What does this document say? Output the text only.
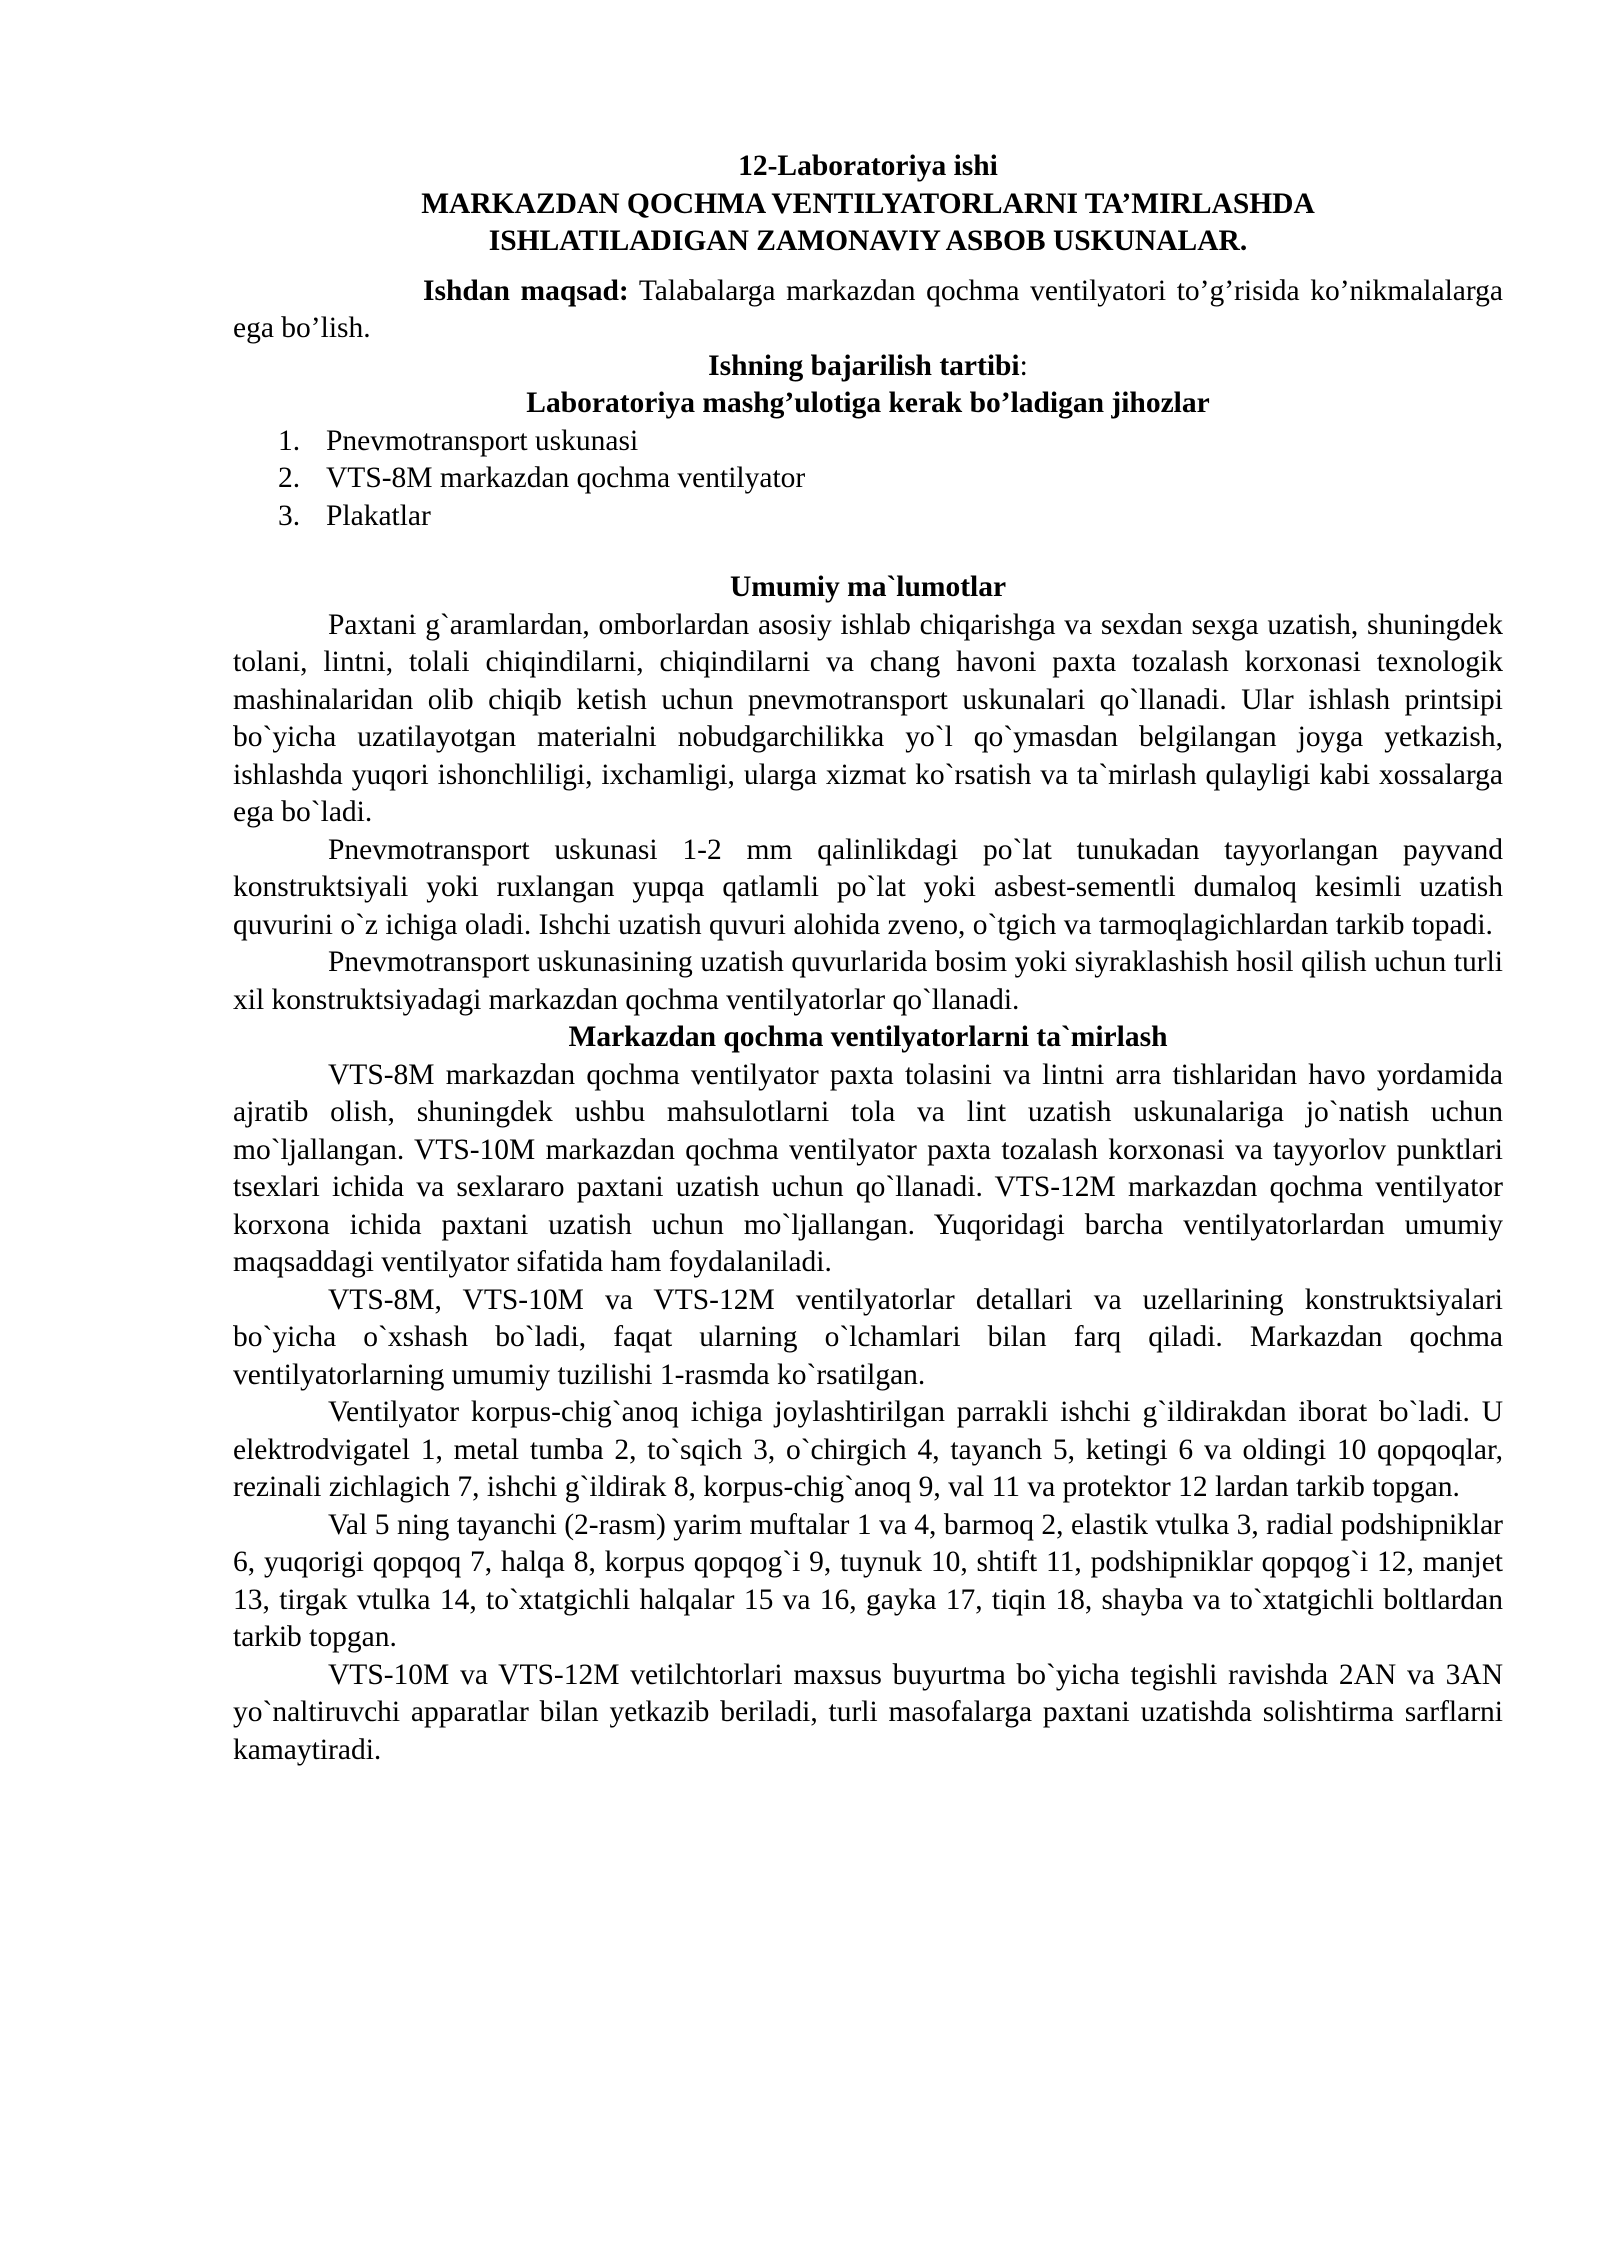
12-Laboratoriya ishi
MARKAZDAN QOCHMA VENTILYATORLARNI TA’MIRLASHDA
ISHLATILADIGAN ZAMONAVIY ASBOB USKUNALAR.

Ishdan maqsad: Talabalarga markazdan qochma ventilyatori to’g’risida ko’nikmalalarga ega bo’lish.

Ishning bajarilish tartibi:
Laboratoriya mashg’ulotiga kerak bo’ladigan jihozlar
1. Pnevmotransport uskunasi
2. VTS-8M markazdan qochma ventilyator
3. Plakatlar
Umumiy ma`lumotlar

Paxtani g`aramlardan, omborlardan asosiy ishlab chiqarishga va sexdan sexga uzatish, shuningdek tolani, lintni, tolali chiqindilarni, chiqindilarni va chang havoni paxta tozalash korxonasi texnologik mashinalaridan olib chiqib ketish uchun pnevmotransport uskunalari qo`llanadi. Ular ishlash printsipi bo`yicha uzatilayotgan materialni nobudgarchilikka yo`l qo`ymasdan belgilangan joyga yetkazish, ishlashda yuqori ishonchliligi, ixchamligi, ularga xizmat ko`rsatish va ta`mirlash qulayligi kabi xossalarga ega bo`ladi.

Pnevmotransport uskunasi 1-2 mm qalinlikdagi po`lat tunukadan tayyorlangan payvand konstruktsiyali yoki ruxlangan yupqa qatlamli po`lat yoki asbest-sementli dumaloq kesimli uzatish quvurini o`z ichiga oladi. Ishchi uzatish quvuri alohida zveno, o`tgich va tarmoqlagichlardan tarkib topadi.

Pnevmotransport uskunasining uzatish quvurlarida bosim yoki siyraklashish hosil qilish uchun turli xil konstruktsiyadagi markazdan qochma ventilyatorlar qo`llanadi.

Markazdan qochma ventilyatorlarni ta`mirlash

VTS-8M markazdan qochma ventilyator paxta tolasini va lintni arra tishlaridan havo yordamida ajratib olish, shuningdek ushbu mahsulotlarni tola va lint uzatish uskunalariga jo`natish uchun mo`ljallangan. VTS-10M markazdan qochma ventilyator paxta tozalash korxonasi va tayyorlov punktlari tsexlari ichida va sexlararo paxtani uzatish uchun qo`llanadi. VTS-12M markazdan qochma ventilyator korxona ichida paxtani uzatish uchun mo`ljallangan. Yuqoridagi barcha ventilyatorlardan umumiy maqsaddagi ventilyator sifatida ham foydalaniladi.

VTS-8M, VTS-10M va VTS-12M ventilyatorlar detallari va uzellarining konstruktsiyalari bo`yicha o`xshash bo`ladi, faqat ularning o`lchamlari bilan farq qiladi. Markazdan qochma ventilyatorlarning umumiy tuzilishi 1-rasmda ko`rsatilgan.

Ventilyator korpus-chig`anoq ichiga joylashtirilgan parrakli ishchi g`ildirakdan iborat bo`ladi. U elektrodvigatel 1, metal tumba 2, to`sqich 3, o`chirgich 4, tayanch 5, ketingi 6 va oldingi 10 qopqoqlar, rezinali zichlagich 7, ishchi g`ildirak 8, korpus-chig`anoq 9, val 11 va protektor 12 lardan tarkib topgan.

Val 5 ning tayanchi (2-rasm) yarim muftalar 1 va 4, barmoq 2, elastik vtulka 3, radial podshipniklar 6, yuqorigi qopqoq 7, halqa 8, korpus qopqog`i 9, tuynuk 10, shtift 11, podshipniklar qopqog`i 12, manjet 13, tirgak vtulka 14, to`xtatgichli halqalar 15 va 16, gayka 17, tiqin 18, shayba va to`xtatgichli boltlardan tarkib topgan.

VTS-10M va VTS-12M vetilchtorlari maxsus buyurtma bo`yicha tegishli ravishda 2AN va 3AN yo`naltiruvchi apparatlar bilan yetkazib beriladi, turli masofalarga paxtani uzatishda solishtirma sarflarni kamaytiradi.
